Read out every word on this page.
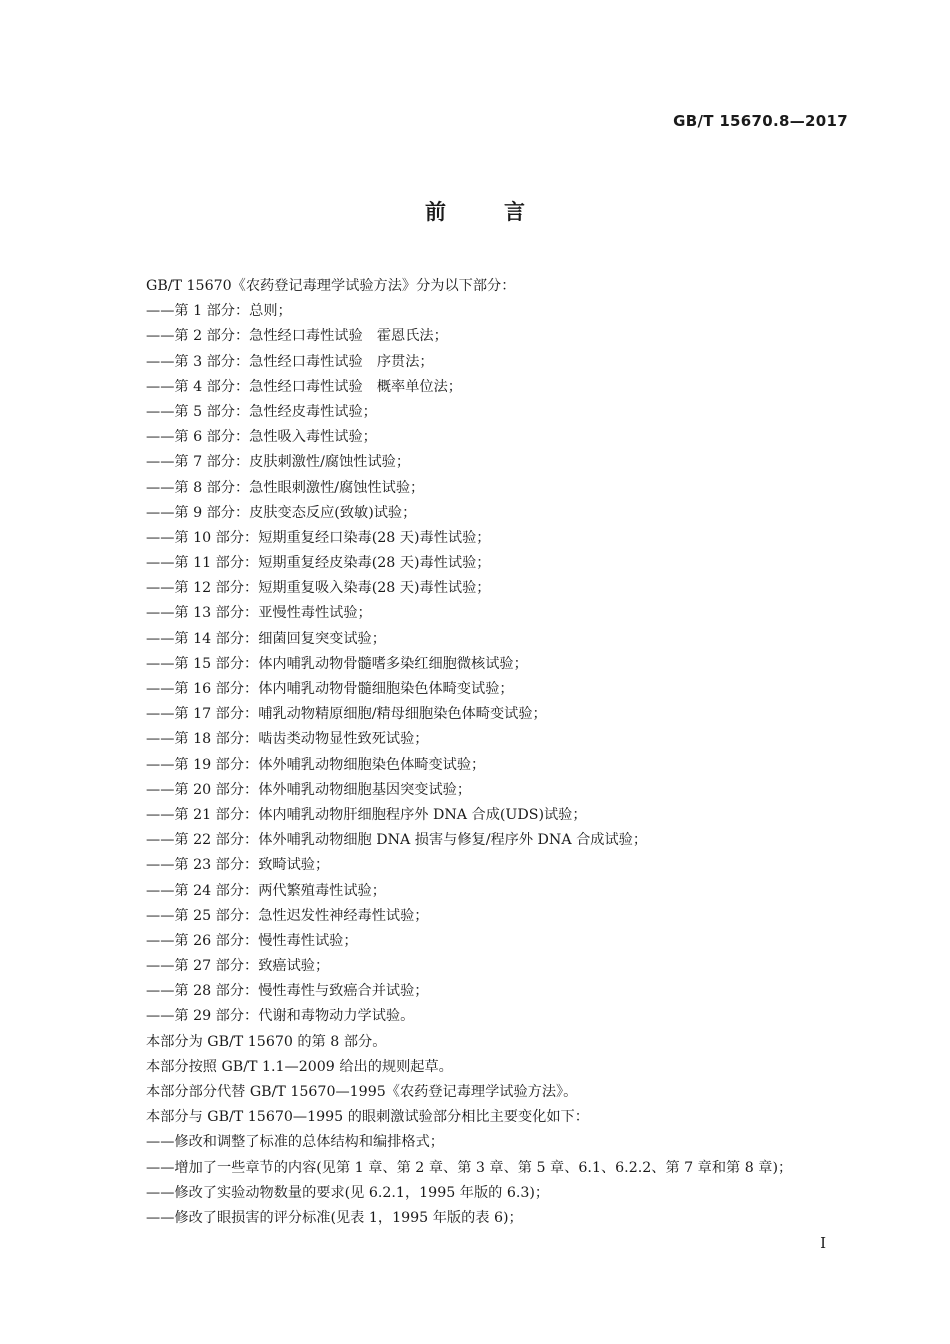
GB/T 15670.8—2017
前言
GB/T 15670《农药登记毒理学试验方法》分为以下部分：
——第 1 部分：总则；
——第 2 部分：急性经口毒性试验　霍恩氏法；
——第 3 部分：急性经口毒性试验　序贯法；
——第 4 部分：急性经口毒性试验　概率单位法；
——第 5 部分：急性经皮毒性试验；
——第 6 部分：急性吸入毒性试验；
——第 7 部分：皮肤刺激性/腐蚀性试验；
——第 8 部分：急性眼刺激性/腐蚀性试验；
——第 9 部分：皮肤变态反应(致敏)试验；
——第 10 部分：短期重复经口染毒(28 天)毒性试验；
——第 11 部分：短期重复经皮染毒(28 天)毒性试验；
——第 12 部分：短期重复吸入染毒(28 天)毒性试验；
——第 13 部分：亚慢性毒性试验；
——第 14 部分：细菌回复突变试验；
——第 15 部分：体内哺乳动物骨髓嗜多染红细胞微核试验；
——第 16 部分：体内哺乳动物骨髓细胞染色体畸变试验；
——第 17 部分：哺乳动物精原细胞/精母细胞染色体畸变试验；
——第 18 部分：啮齿类动物显性致死试验；
——第 19 部分：体外哺乳动物细胞染色体畸变试验；
——第 20 部分：体外哺乳动物细胞基因突变试验；
——第 21 部分：体内哺乳动物肝细胞程序外 DNA 合成(UDS)试验；
——第 22 部分：体外哺乳动物细胞 DNA 损害与修复/程序外 DNA 合成试验；
——第 23 部分：致畸试验；
——第 24 部分：两代繁殖毒性试验；
——第 25 部分：急性迟发性神经毒性试验；
——第 26 部分：慢性毒性试验；
——第 27 部分：致癌试验；
——第 28 部分：慢性毒性与致癌合并试验；
——第 29 部分：代谢和毒物动力学试验。
本部分为 GB/T 15670 的第 8 部分。
本部分按照 GB/T 1.1—2009 给出的规则起草。
本部分部分代替 GB/T 15670—1995《农药登记毒理学试验方法》。
本部分与 GB/T 15670—1995 的眼刺激试验部分相比主要变化如下：
——修改和调整了标准的总体结构和编排格式；
——增加了一些章节的内容(见第 1 章、第 2 章、第 3 章、第 5 章、6.1、6.2.2、第 7 章和第 8 章)；
——修改了实验动物数量的要求(见 6.2.1，1995 年版的 6.3)；
——修改了眼损害的评分标准(见表 1，1995 年版的表 6)；
Ⅰ
